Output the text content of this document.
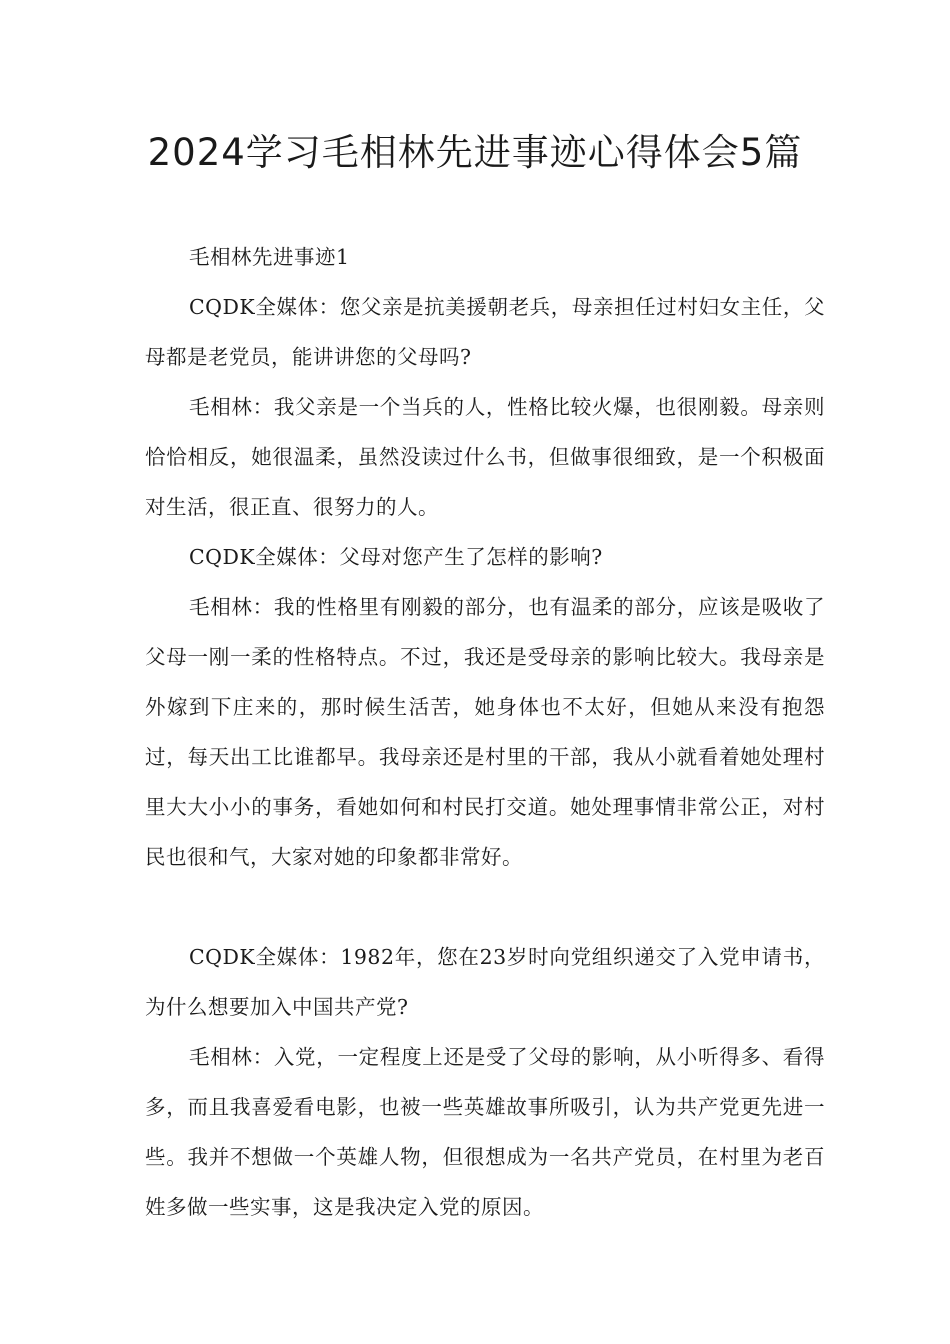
2024学习毛相林先进事迹心得体会5篇

毛相林先进事迹1

CQDK全媒体：您父亲是抗美援朝老兵，母亲担任过村妇女主任，父母都是老党员，能讲讲您的父母吗?

毛相林：我父亲是一个当兵的人，性格比较火爆，也很刚毅。母亲则恰恰相反，她很温柔，虽然没读过什么书，但做事很细致，是一个积极面对生活，很正直、很努力的人。

CQDK全媒体：父母对您产生了怎样的影响?

毛相林：我的性格里有刚毅的部分，也有温柔的部分，应该是吸收了父母一刚一柔的性格特点。不过，我还是受母亲的影响比较大。我母亲是外嫁到下庄来的，那时候生活苦，她身体也不太好，但她从来没有抱怨过，每天出工比谁都早。我母亲还是村里的干部，我从小就看着她处理村里大大小小的事务，看她如何和村民打交道。她处理事情非常公正，对村民也很和气，大家对她的印象都非常好。

CQDK全媒体：1982年，您在23岁时向党组织递交了入党申请书，为什么想要加入中国共产党?

毛相林：入党，一定程度上还是受了父母的影响，从小听得多、看得多，而且我喜爱看电影，也被一些英雄故事所吸引，认为共产党更先进一些。我并不想做一个英雄人物，但很想成为一名共产党员，在村里为老百姓多做一些实事，这是我决定入党的原因。
